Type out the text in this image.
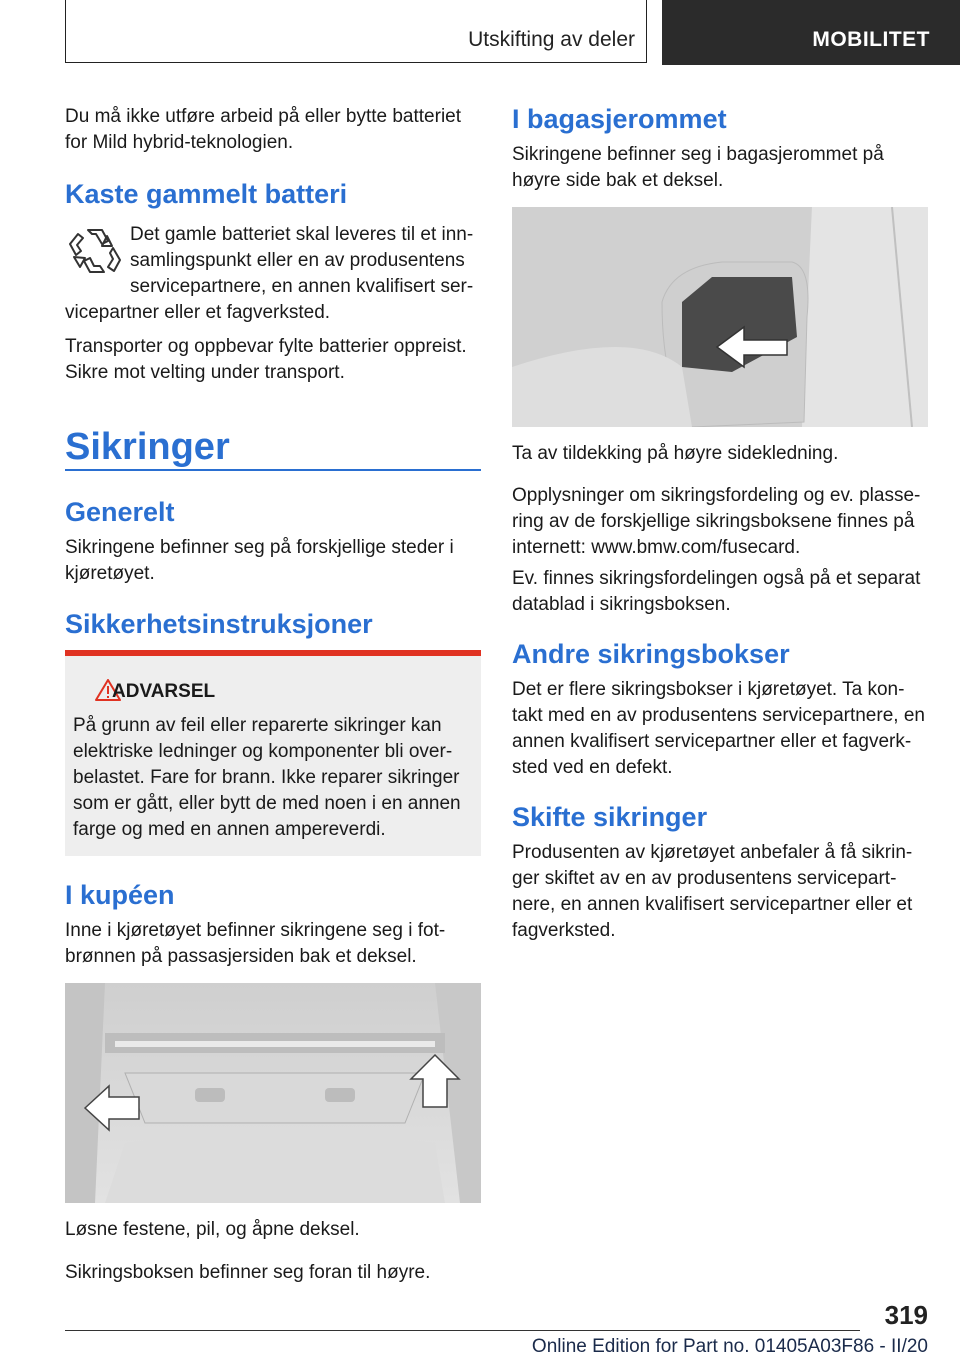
Utskifting av deler	MOBILITET
Du må ikke utføre arbeid på eller bytte batteriet
for Mild hybrid-teknologien.
Kaste gammelt batteri
Det gamle batteriet skal leveres til et inn-
samlingspunkt eller en av produsentens
servicepartnere, en annen kvalifisert ser-
vicepartner eller et fagverksted.
Transporter og oppbevar fylte batterier oppreist.
Sikre mot velting under transport.
Sikringer
Generelt
Sikringene befinner seg på forskjellige steder i
kjøretøyet.
Sikkerhetsinstruksjoner
ADVARSEL
På grunn av feil eller reparerte sikringer kan
elektriske ledninger og komponenter bli over-
belastet. Fare for brann. Ikke reparer sikringer
som er gått, eller bytt de med noen i en annen
farge og med en annen ampereverdi.
I kupéen
Inne i kjøretøyet befinner sikringene seg i fot-
brønnen på passasjersiden bak et deksel.
Løsne festene, pil, og åpne deksel.
Sikringsboksen befinner seg foran til høyre.
I bagasjerommet
Sikringene befinner seg i bagasjerommet på
høyre side bak et deksel.
Ta av tildekking på høyre sidekledning.
Opplysninger om sikringsfordeling og ev. plasse-
ring av de forskjellige sikringsboksene finnes på
internett: www.bmw.com/fusecard.
Ev. finnes sikringsfordelingen også på et separat
datablad i sikringsboksen.
Andre sikringsbokser
Det er flere sikringsbokser i kjøretøyet. Ta kon-
takt med en av produsentens servicepartnere, en
annen kvalifisert servicepartner eller et fagverk-
sted ved en defekt.
Skifte sikringer
Produsenten av kjøretøyet anbefaler å få sikrin-
ger skiftet av en av produsentens servicepart-
nere, en annen kvalifisert servicepartner eller et
fagverksted.
319
Online Edition for Part no. 01405A03F86 - II/20
